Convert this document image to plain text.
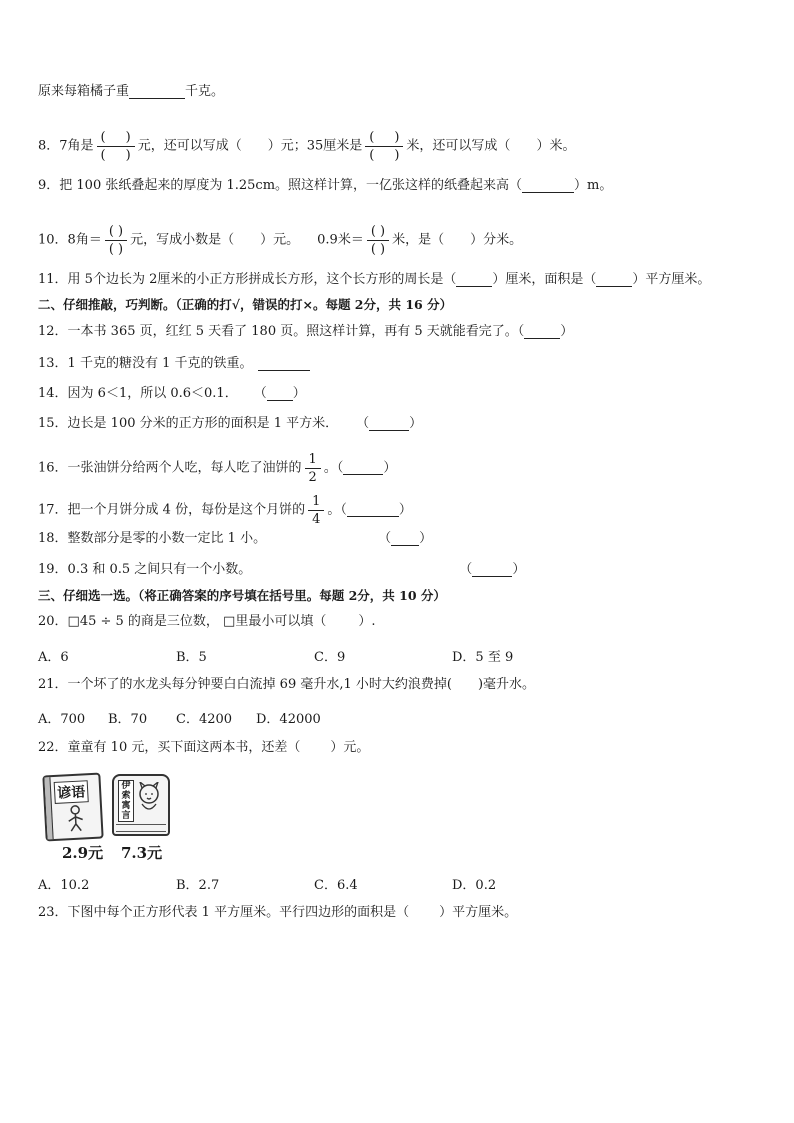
原来每箱橘子重	千克。
8．7角是 $\frac{( )}{( )}$ 元，还可以写成（ ）元；35厘米是 $\frac{( )}{( )}$ 米，还可以写成（ ）米。
9．把 100 张纸叠起来的厚度为 1.25cm。照这样计算，一亿张这样的纸叠起来高（	）m。
10．8角＝ $\frac{( )}{( )}$ 元，写成小数是（ ）元。 0.9米＝ $\frac{( )}{( )}$ 米，是（ ）分米。
11．用 5个边长为 2厘米的小正方形拼成长方形，这个长方形的周长是（	）厘米，面积是（	）平方厘米。
二、仔细推敲，巧判断。（正确的打√，错误的打×。每题 2分，共 16 分）
12．一本书 365 页，红红 5 天看了 180 页。照这样计算，再有 5 天就能看完了。（	）
13．1 千克的糖没有 1 千克的铁重。
14．因为 6＜1，所以 0.6＜0.1． （ ）
15．边长是 100 分米的正方形的面积是 1 平方米． （	）
16．一张油饼分给两个人吃，每人吃了油饼的 $\frac{1}{2}$ 。（	）
17．把一个月饼分成 4 份，每份是这个月饼的 $\frac{1}{4}$ 。（	）
18．整数部分是零的小数一定比 1 小。	（ ）
19．0.3 和 0.5 之间只有一个小数。	（	）
三、仔细选一选。（将正确答案的序号填在括号里。每题 2分，共 10 分）
20．□45 ÷ 5 的商是三位数， □里最小可以填（ ）.
A．6	B．5	C．9	D．5 至 9
21．一个坏了的水龙头每分钟要白白流掉 69 毫升水,1 小时大约浪费掉( )毫升水。
A．700 B．70 C．4200 D．42000
22．童童有 10 元，买下面这两本书，还差（ ）元。
谚语
2.9元
伊索寓言
7.3元
A．10.2	B．2.7	C．6.4	D．0.2
23．下图中每个正方形代表 1 平方厘米。平行四边形的面积是（ ）平方厘米。
